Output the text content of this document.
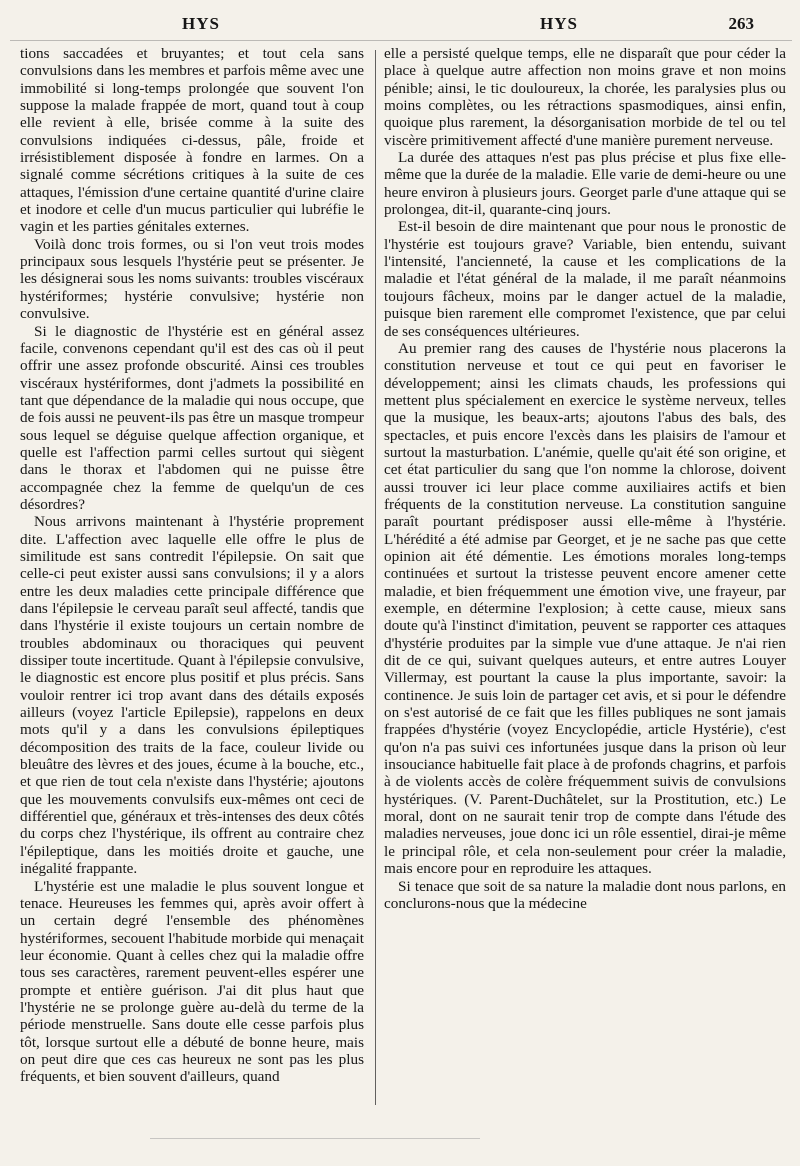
HYS	HYS	263

tions saccadées et bruyantes; et tout cela sans convulsions dans les membres et parfois même avec une immobilité si long-temps prolongée que souvent l'on suppose la malade frappée de mort, quand tout à coup elle revient à elle, brisée comme à la suite des convulsions indiquées ci-dessus, pâle, froide et irrésistiblement disposée à fondre en larmes. On a signalé comme sécrétions critiques à la suite de ces attaques, l'émission d'une certaine quantité d'urine claire et inodore et celle d'un mucus particulier qui lubréfie le vagin et les parties génitales externes.

Voilà donc trois formes, ou si l'on veut trois modes principaux sous lesquels l'hystérie peut se présenter. Je les désignerai sous les noms suivants: troubles viscéraux hystériformes; hystérie convulsive; hystérie non convulsive.

Si le diagnostic de l'hystérie est en général assez facile, convenons cependant qu'il est des cas où il peut offrir une assez profonde obscurité. Ainsi ces troubles viscéraux hystériformes, dont j'admets la possibilité en tant que dépendance de la maladie qui nous occupe, que de fois aussi ne peuvent-ils pas être un masque trompeur sous lequel se déguise quelque affection organique, et quelle est l'affection parmi celles surtout qui siègent dans le thorax et l'abdomen qui ne puisse être accompagnée chez la femme de quelqu'un de ces désordres?

Nous arrivons maintenant à l'hystérie proprement dite. L'affection avec laquelle elle offre le plus de similitude est sans contredit l'épilepsie. On sait que celle-ci peut exister aussi sans convulsions; il y a alors entre les deux maladies cette principale différence que dans l'épilepsie le cerveau paraît seul affecté, tandis que dans l'hystérie il existe toujours un certain nombre de troubles abdominaux ou thoraciques qui peuvent dissiper toute incertitude. Quant à l'épilepsie convulsive, le diagnostic est encore plus positif et plus précis. Sans vouloir rentrer ici trop avant dans des détails exposés ailleurs (voyez l'article Epilepsie), rappelons en deux mots qu'il y a dans les convulsions épileptiques décomposition des traits de la face, couleur livide ou bleuâtre des lèvres et des joues, écume à la bouche, etc., et que rien de tout cela n'existe dans l'hystérie; ajoutons que les mouvements convulsifs eux-mêmes ont ceci de différentiel que, généraux et très-intenses des deux côtés du corps chez l'hystérique, ils offrent au contraire chez l'épileptique, dans les moitiés droite et gauche, une inégalité frappante.

L'hystérie est une maladie le plus souvent longue et tenace. Heureuses les femmes qui, après avoir offert à un certain degré l'ensemble des phénomènes hystériformes, secouent l'habitude morbide qui menaçait leur économie. Quant à celles chez qui la maladie offre tous ses caractères, rarement peuvent-elles espérer une prompte et entière guérison. J'ai dit plus haut que l'hystérie ne se prolonge guère au-delà du terme de la période menstruelle. Sans doute elle cesse parfois plus tôt, lorsque surtout elle a débuté de bonne heure, mais on peut dire que ces cas heureux ne sont pas les plus fréquents, et bien souvent d'ailleurs, quand

elle a persisté quelque temps, elle ne disparaît que pour céder la place à quelque autre affection non moins grave et non moins pénible; ainsi, le tic douloureux, la chorée, les paralysies plus ou moins complètes, ou les rétractions spasmodiques, ainsi enfin, quoique plus rarement, la désorganisation morbide de tel ou tel viscère primitivement affecté d'une manière purement nerveuse.

La durée des attaques n'est pas plus précise et plus fixe elle-même que la durée de la maladie. Elle varie de demi-heure ou une heure environ à plusieurs jours. Georget parle d'une attaque qui se prolongea, dit-il, quarante-cinq jours.

Est-il besoin de dire maintenant que pour nous le pronostic de l'hystérie est toujours grave? Variable, bien entendu, suivant l'intensité, l'ancienneté, la cause et les complications de la maladie et l'état général de la malade, il me paraît néanmoins toujours fâcheux, moins par le danger actuel de la maladie, puisque bien rarement elle compromet l'existence, que par celui de ses conséquences ultérieures.

Au premier rang des causes de l'hystérie nous placerons la constitution nerveuse et tout ce qui peut en favoriser le développement; ainsi les climats chauds, les professions qui mettent plus spécialement en exercice le système nerveux, telles que la musique, les beaux-arts; ajoutons l'abus des bals, des spectacles, et puis encore l'excès dans les plaisirs de l'amour et surtout la masturbation. L'anémie, quelle qu'ait été son origine, et cet état particulier du sang que l'on nomme la chlorose, doivent aussi trouver ici leur place comme auxiliaires actifs et bien fréquents de la constitution nerveuse. La constitution sanguine paraît pourtant prédisposer aussi elle-même à l'hystérie. L'hérédité a été admise par Georget, et je ne sache pas que cette opinion ait été démentie. Les émotions morales long-temps continuées et surtout la tristesse peuvent encore amener cette maladie, et bien fréquemment une émotion vive, une frayeur, par exemple, en détermine l'explosion; à cette cause, mieux sans doute qu'à l'instinct d'imitation, peuvent se rapporter ces attaques d'hystérie produites par la simple vue d'une attaque. Je n'ai rien dit de ce qui, suivant quelques auteurs, et entre autres Louyer Villermay, est pourtant la cause la plus importante, savoir: la continence. Je suis loin de partager cet avis, et si pour le défendre on s'est autorisé de ce fait que les filles publiques ne sont jamais frappées d'hystérie (voyez Encyclopédie, article Hystérie), c'est qu'on n'a pas suivi ces infortunées jusque dans la prison où leur insouciance habituelle fait place à de profonds chagrins, et parfois à de violents accès de colère fréquemment suivis de convulsions hystériques. (V. Parent-Duchâtelet, sur la Prostitution, etc.) Le moral, dont on ne saurait tenir trop de compte dans l'étude des maladies nerveuses, joue donc ici un rôle essentiel, dirai-je même le principal rôle, et cela non-seulement pour créer la maladie, mais encore pour en reproduire les attaques.

Si tenace que soit de sa nature la maladie dont nous parlons, en conclurons-nous que la médecine
